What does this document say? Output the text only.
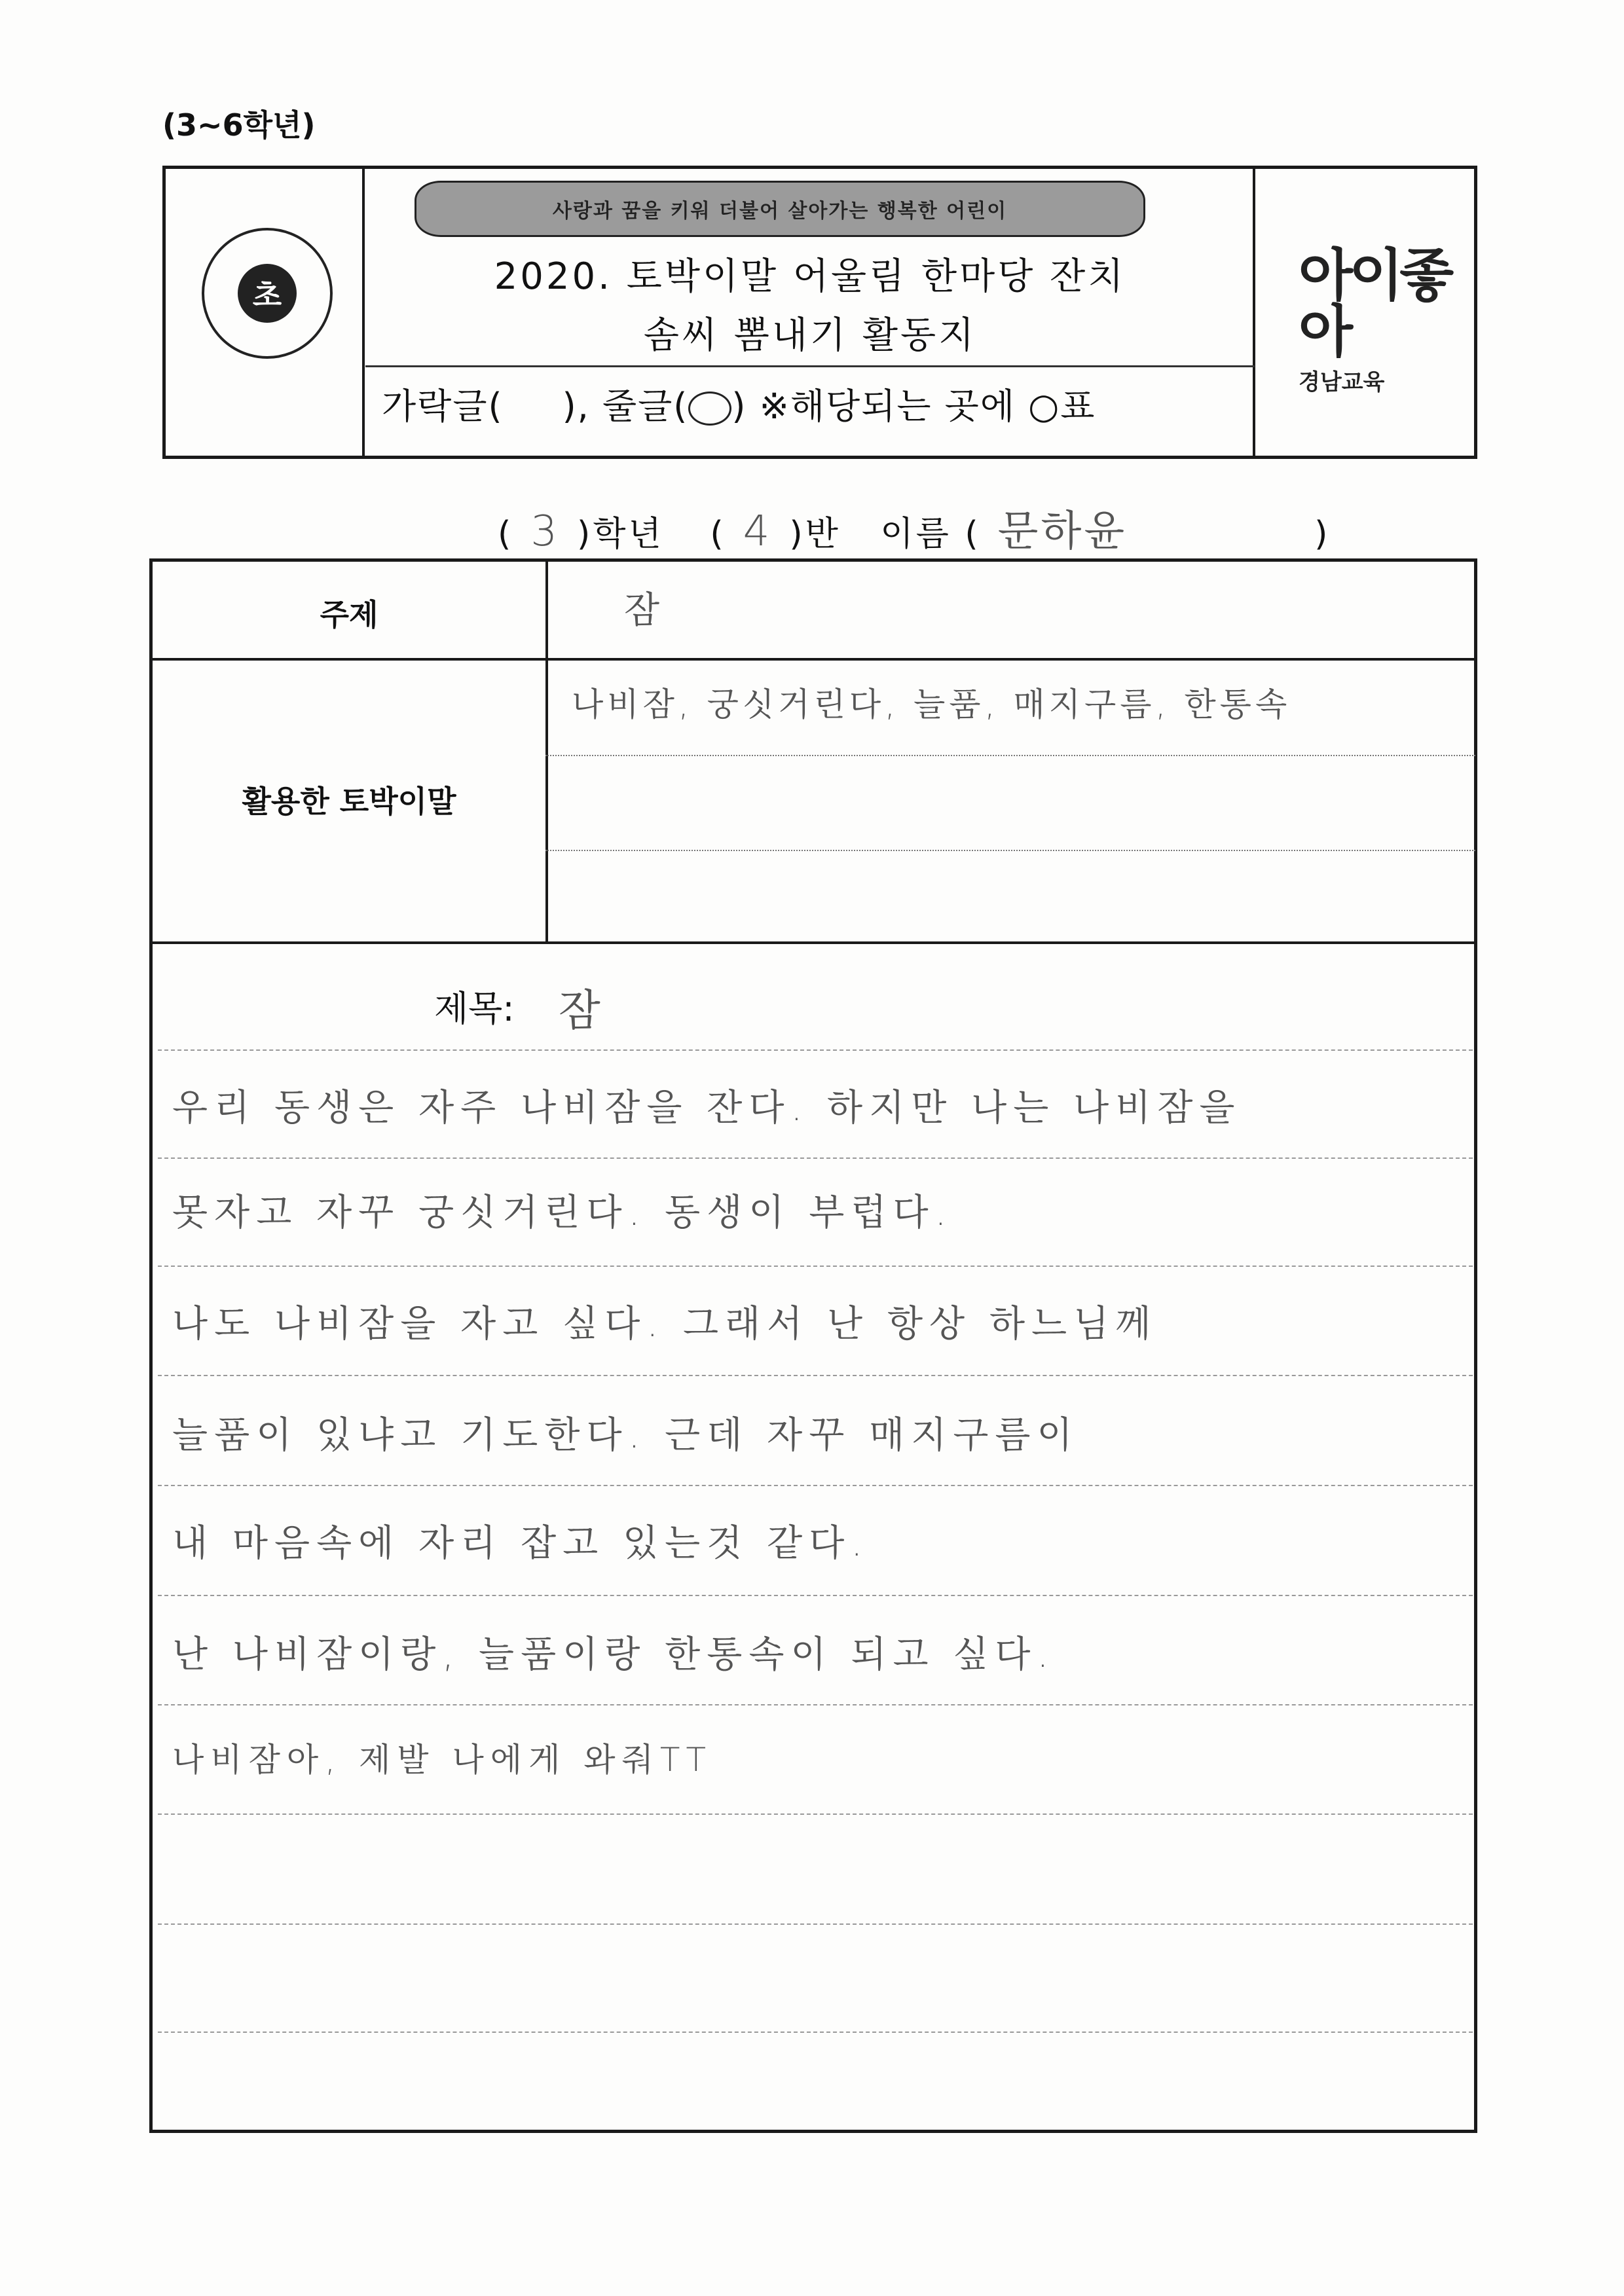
(3~6학년)
초
사랑과 꿈을 키워 더불어 살아가는 행복한 어린이
2020. 토박이말 어울림 한마당 잔치
솜씨 뽐내기 활동지
가락글( ), 줄글( ) ※해당되는 곳에 ○표
아이좋아
경남교육
( 3 )학년 ( 4 )반 이름 ( 문하윤	)
주제	잠
활용한 토박이말
나비잠, 궁싯거린다, 늘품, 매지구름, 한통속
제목: 잠
우리 동생은 자주 나비잠을 잔다. 하지만 나는 나비잠을
못자고 자꾸 궁싯거린다. 동생이 부럽다.
나도 나비잠을 자고 싶다. 그래서 난 항상 하느님께
늘품이 있냐고 기도한다. 근데 자꾸 매지구름이
내 마음속에 자리 잡고 있는것 같다.
난 나비잠이랑, 늘품이랑 한통속이 되고 싶다.
나비잠아, 제발 나에게 와줘TT
